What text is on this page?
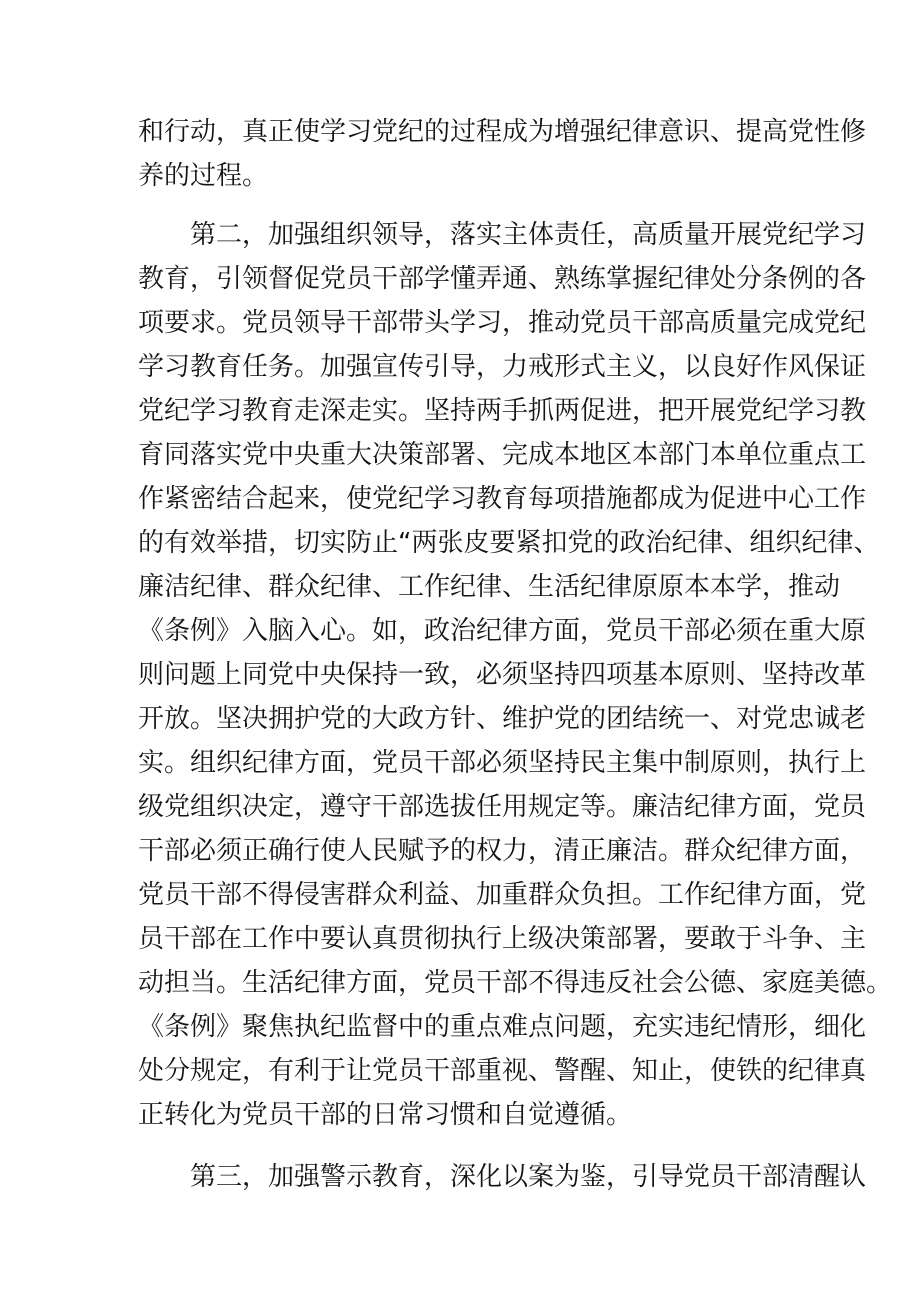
和行动，真正使学习党纪的过程成为增强纪律意识、提高党性修
养的过程。
第二，加强组织领导，落实主体责任，高质量开展党纪学习
教育，引领督促党员干部学懂弄通、熟练掌握纪律处分条例的各
项要求。党员领导干部带头学习，推动党员干部高质量完成党纪
学习教育任务。加强宣传引导，力戒形式主义，以良好作风保证
党纪学习教育走深走实。坚持两手抓两促进，把开展党纪学习教
育同落实党中央重大决策部署、完成本地区本部门本单位重点工
作紧密结合起来，使党纪学习教育每项措施都成为促进中心工作
的有效举措，切实防止“两张皮要紧扣党的政治纪律、组织纪律、
廉洁纪律、群众纪律、工作纪律、生活纪律原原本本学，推动
《条例》入脑入心。如，政治纪律方面，党员干部必须在重大原
则问题上同党中央保持一致，必须坚持四项基本原则、坚持改革
开放。坚决拥护党的大政方针、维护党的团结统一、对党忠诚老
实。组织纪律方面，党员干部必须坚持民主集中制原则，执行上
级党组织决定，遵守干部选拔任用规定等。廉洁纪律方面，党员
干部必须正确行使人民赋予的权力，清正廉洁。群众纪律方面，
党员干部不得侵害群众利益、加重群众负担。工作纪律方面，党
员干部在工作中要认真贯彻执行上级决策部署，要敢于斗争、主
动担当。生活纪律方面，党员干部不得违反社会公德、家庭美德。
《条例》聚焦执纪监督中的重点难点问题，充实违纪情形，细化
处分规定，有利于让党员干部重视、警醒、知止，使铁的纪律真
正转化为党员干部的日常习惯和自觉遵循。
第三，加强警示教育，深化以案为鉴，引导党员干部清醒认
